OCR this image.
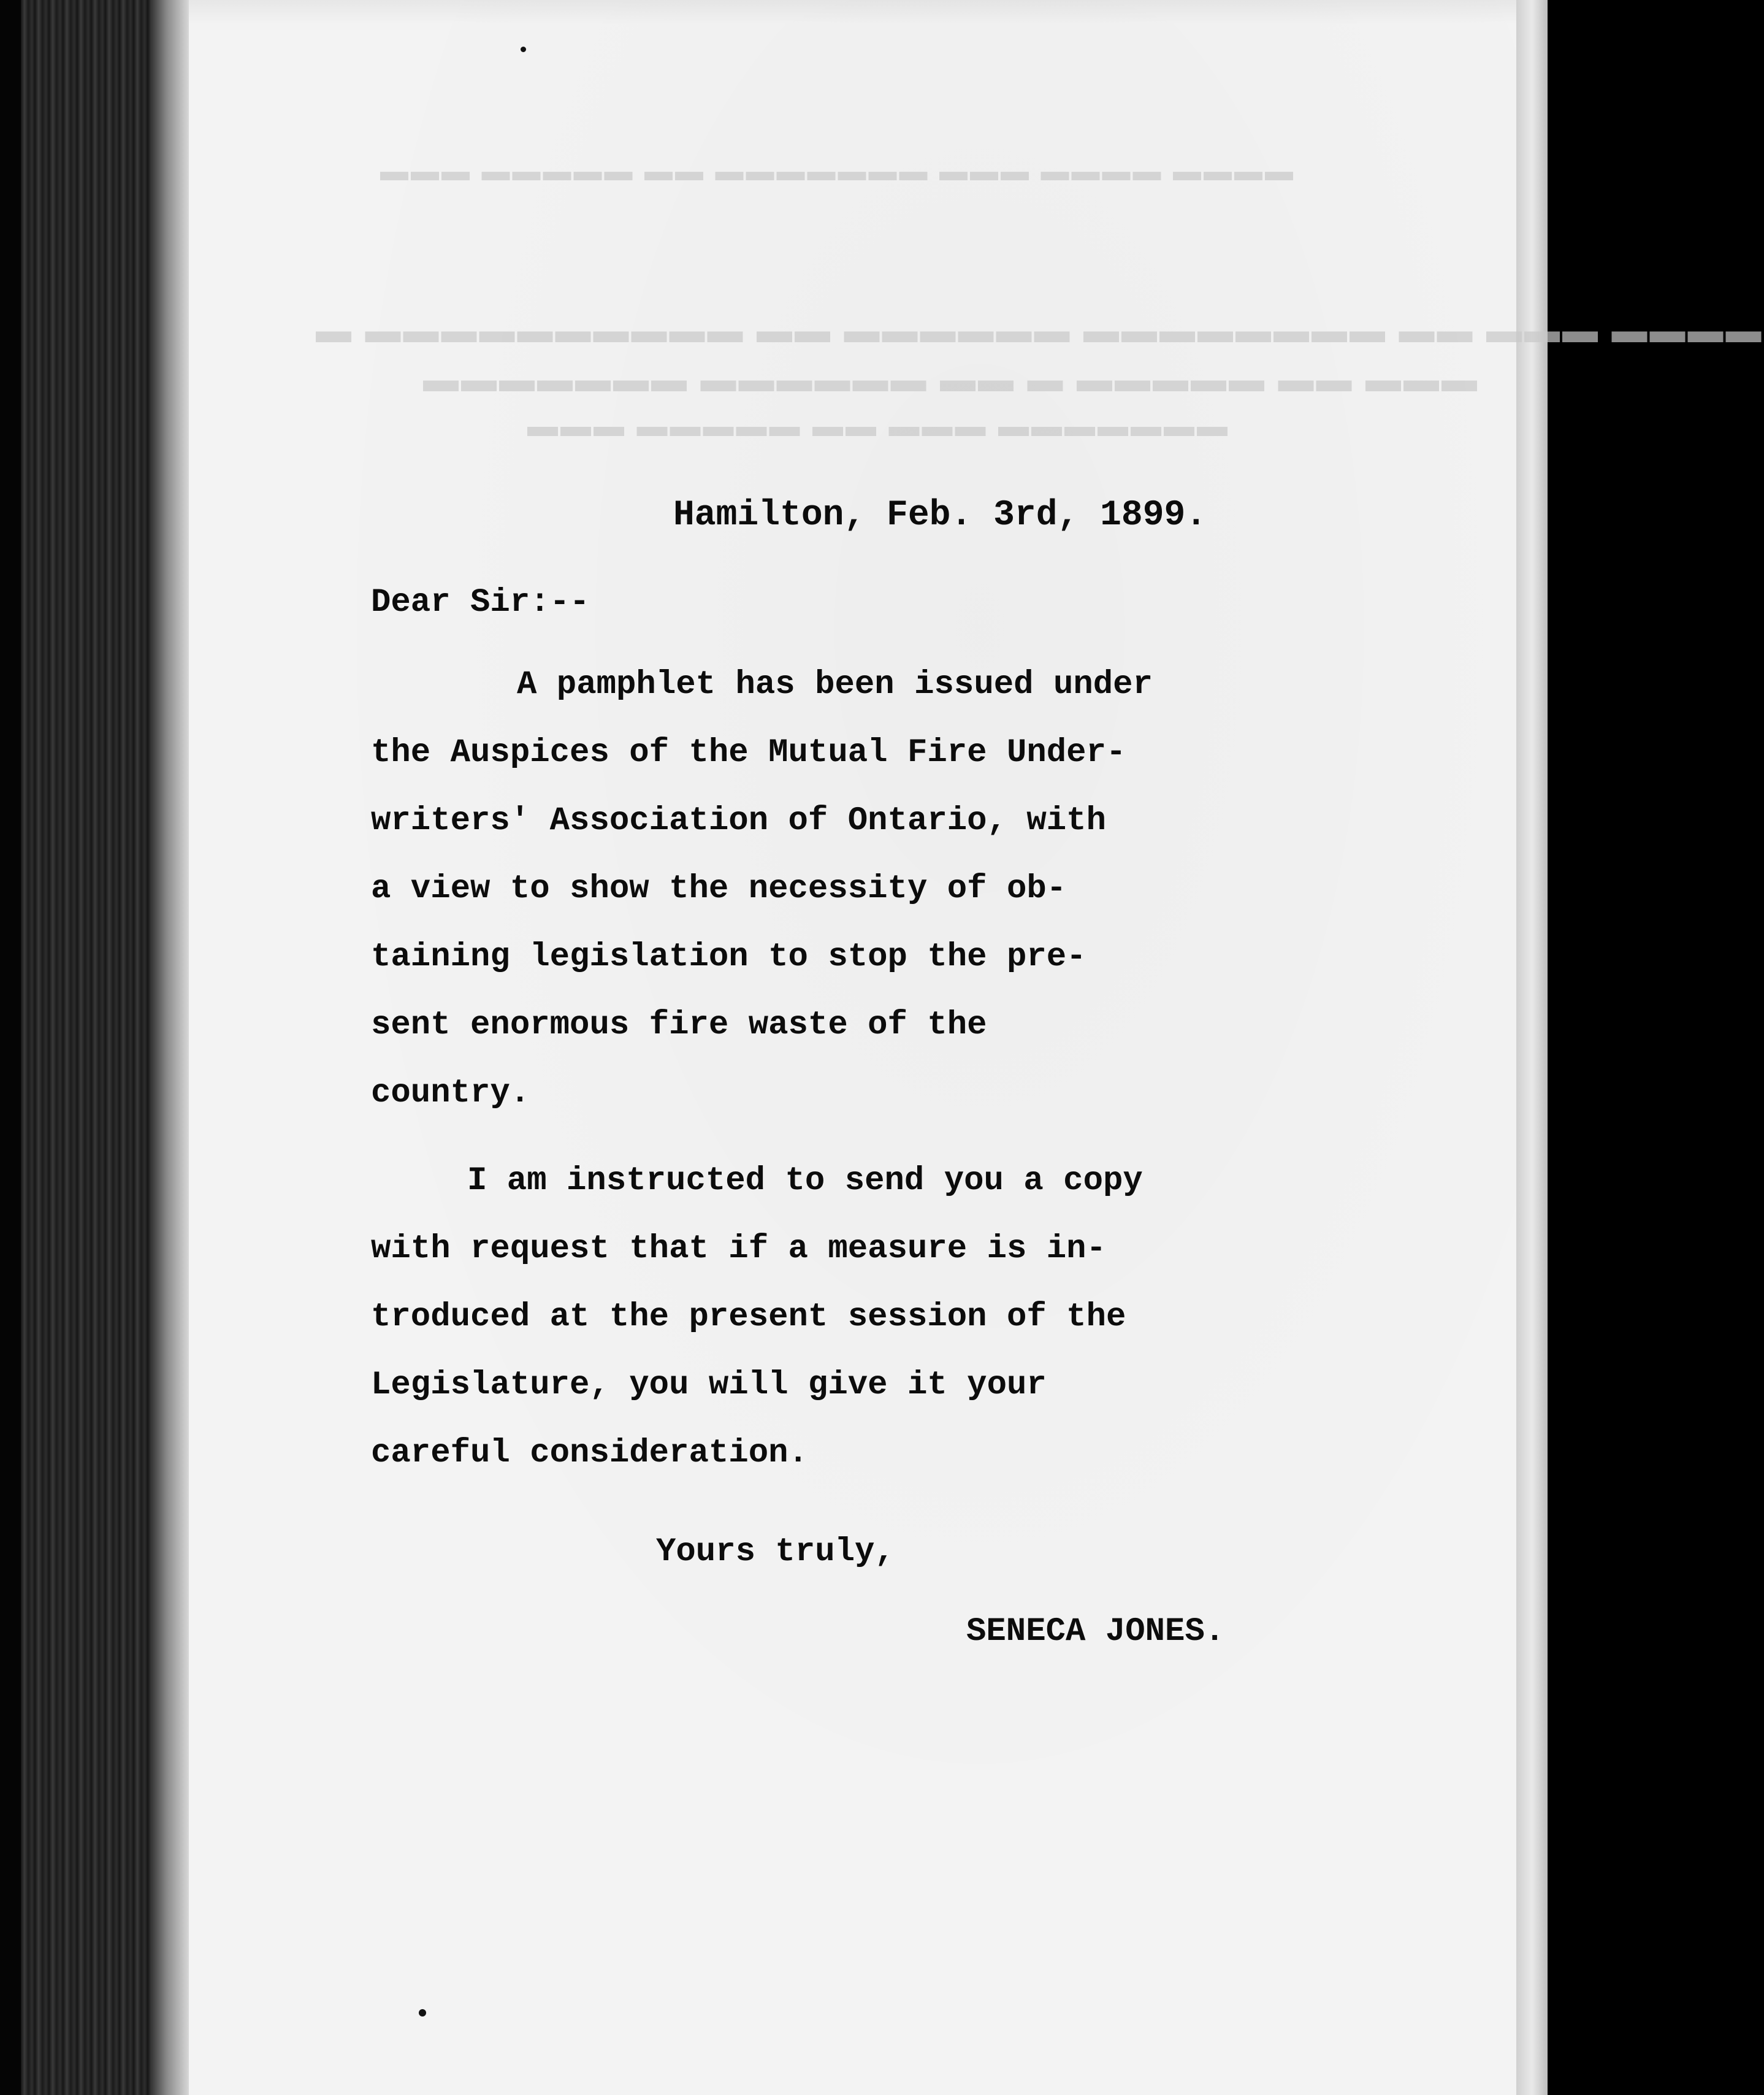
▬▬▬ ▬▬▬▬▬ ▬▬ ▬▬▬▬▬▬▬ ▬▬▬ ▬▬▬▬ ▬▬▬▬
▬ ▬▬▬▬▬▬▬▬▬▬ ▬▬ ▬▬▬▬▬▬ ▬▬▬▬▬▬▬▬ ▬▬ ▬▬▬ ▬▬▬▬
▬▬▬▬▬▬▬ ▬▬▬▬▬▬ ▬▬ ▬ ▬▬▬▬▬ ▬▬ ▬▬▬
▬▬▬ ▬▬▬▬▬ ▬▬ ▬▬▬ ▬▬▬▬▬▬▬
Hamilton, Feb. 3rd, 1899.
Dear Sir:--
A pamphlet has been issued under
the Auspices of the Mutual Fire Under-
writers' Association of Ontario, with
a view to show the necessity of ob-
taining legislation to stop the pre-
sent enormous fire waste of the
country.
I am instructed to send you a copy
with request that if a measure is in-
troduced at the present session of the
Legislature, you will give it your
careful consideration.
Yours truly,
SENECA JONES.
